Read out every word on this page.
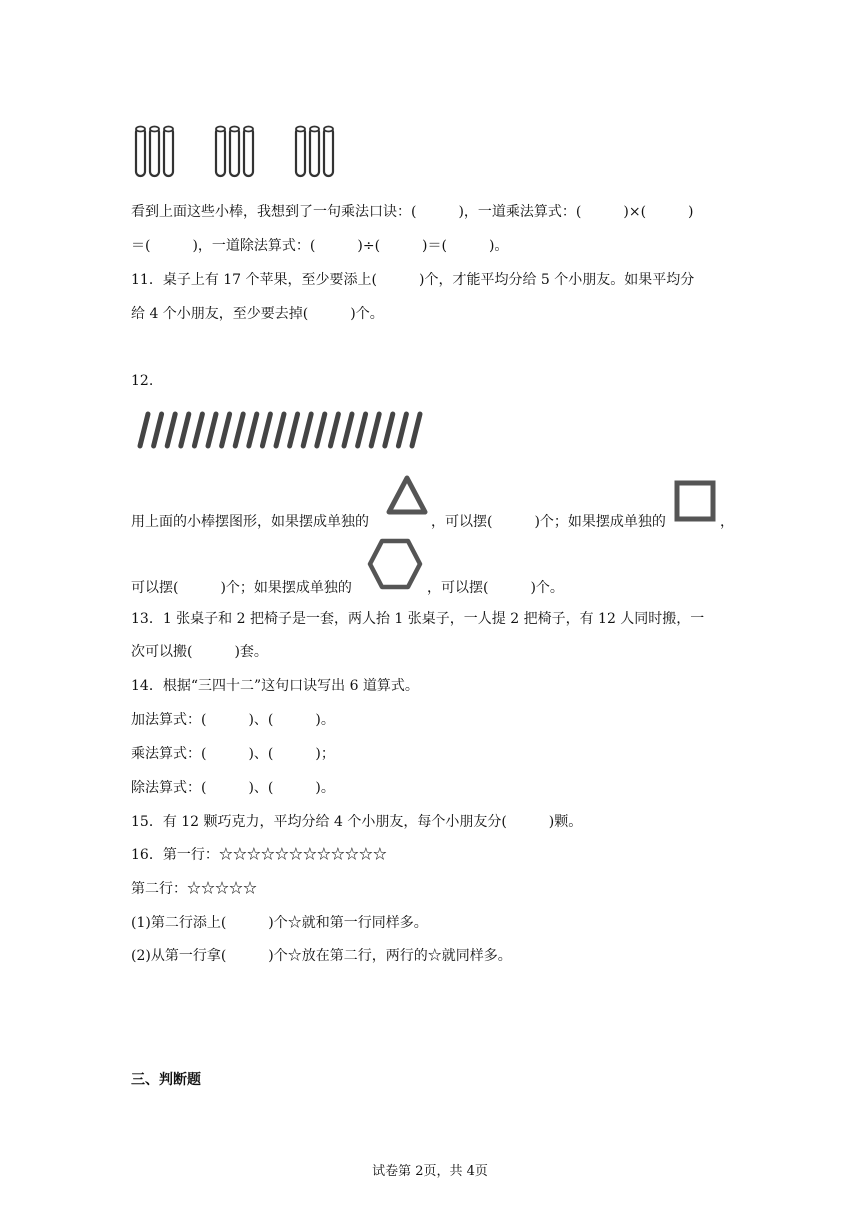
看到上面这些小棒，我想到了一句乘法口诀：(　　　)，一道乘法算式：(　　　)×(　　　)
＝(　　　)，一道除法算式：(　　　)÷(　　　)＝(　　　)。
11．桌子上有 17 个苹果，至少要添上(　　　)个，才能平均分给 5 个小朋友。如果平均分
给 4 个小朋友，至少要去掉(　　　)个。
12.
用上面的小棒摆图形，如果摆成单独的	，可以摆(　　　)个；如果摆成单独的	，
可以摆(　　　)个；如果摆成单独的	，可以摆(　　　)个。
13．1 张桌子和 2 把椅子是一套，两人抬 1 张桌子，一人提 2 把椅子，有 12 人同时搬，一
次可以搬(　　　)套。
14．根据“三四十二”这句口诀写出 6 道算式。
加法算式：(　　　)、(　　　)。
乘法算式：(　　　)、(　　　)；
除法算式：(　　　)、(　　　)。
15．有 12 颗巧克力，平均分给 4 个小朋友，每个小朋友分(　　　)颗。
16．第一行：☆☆☆☆☆☆☆☆☆☆☆☆
第二行：☆☆☆☆☆
(1)第二行添上(　　　)个☆就和第一行同样多。
(2)从第一行拿(　　　)个☆放在第二行，两行的☆就同样多。
三、判断题
试卷第 2页，共 4页
